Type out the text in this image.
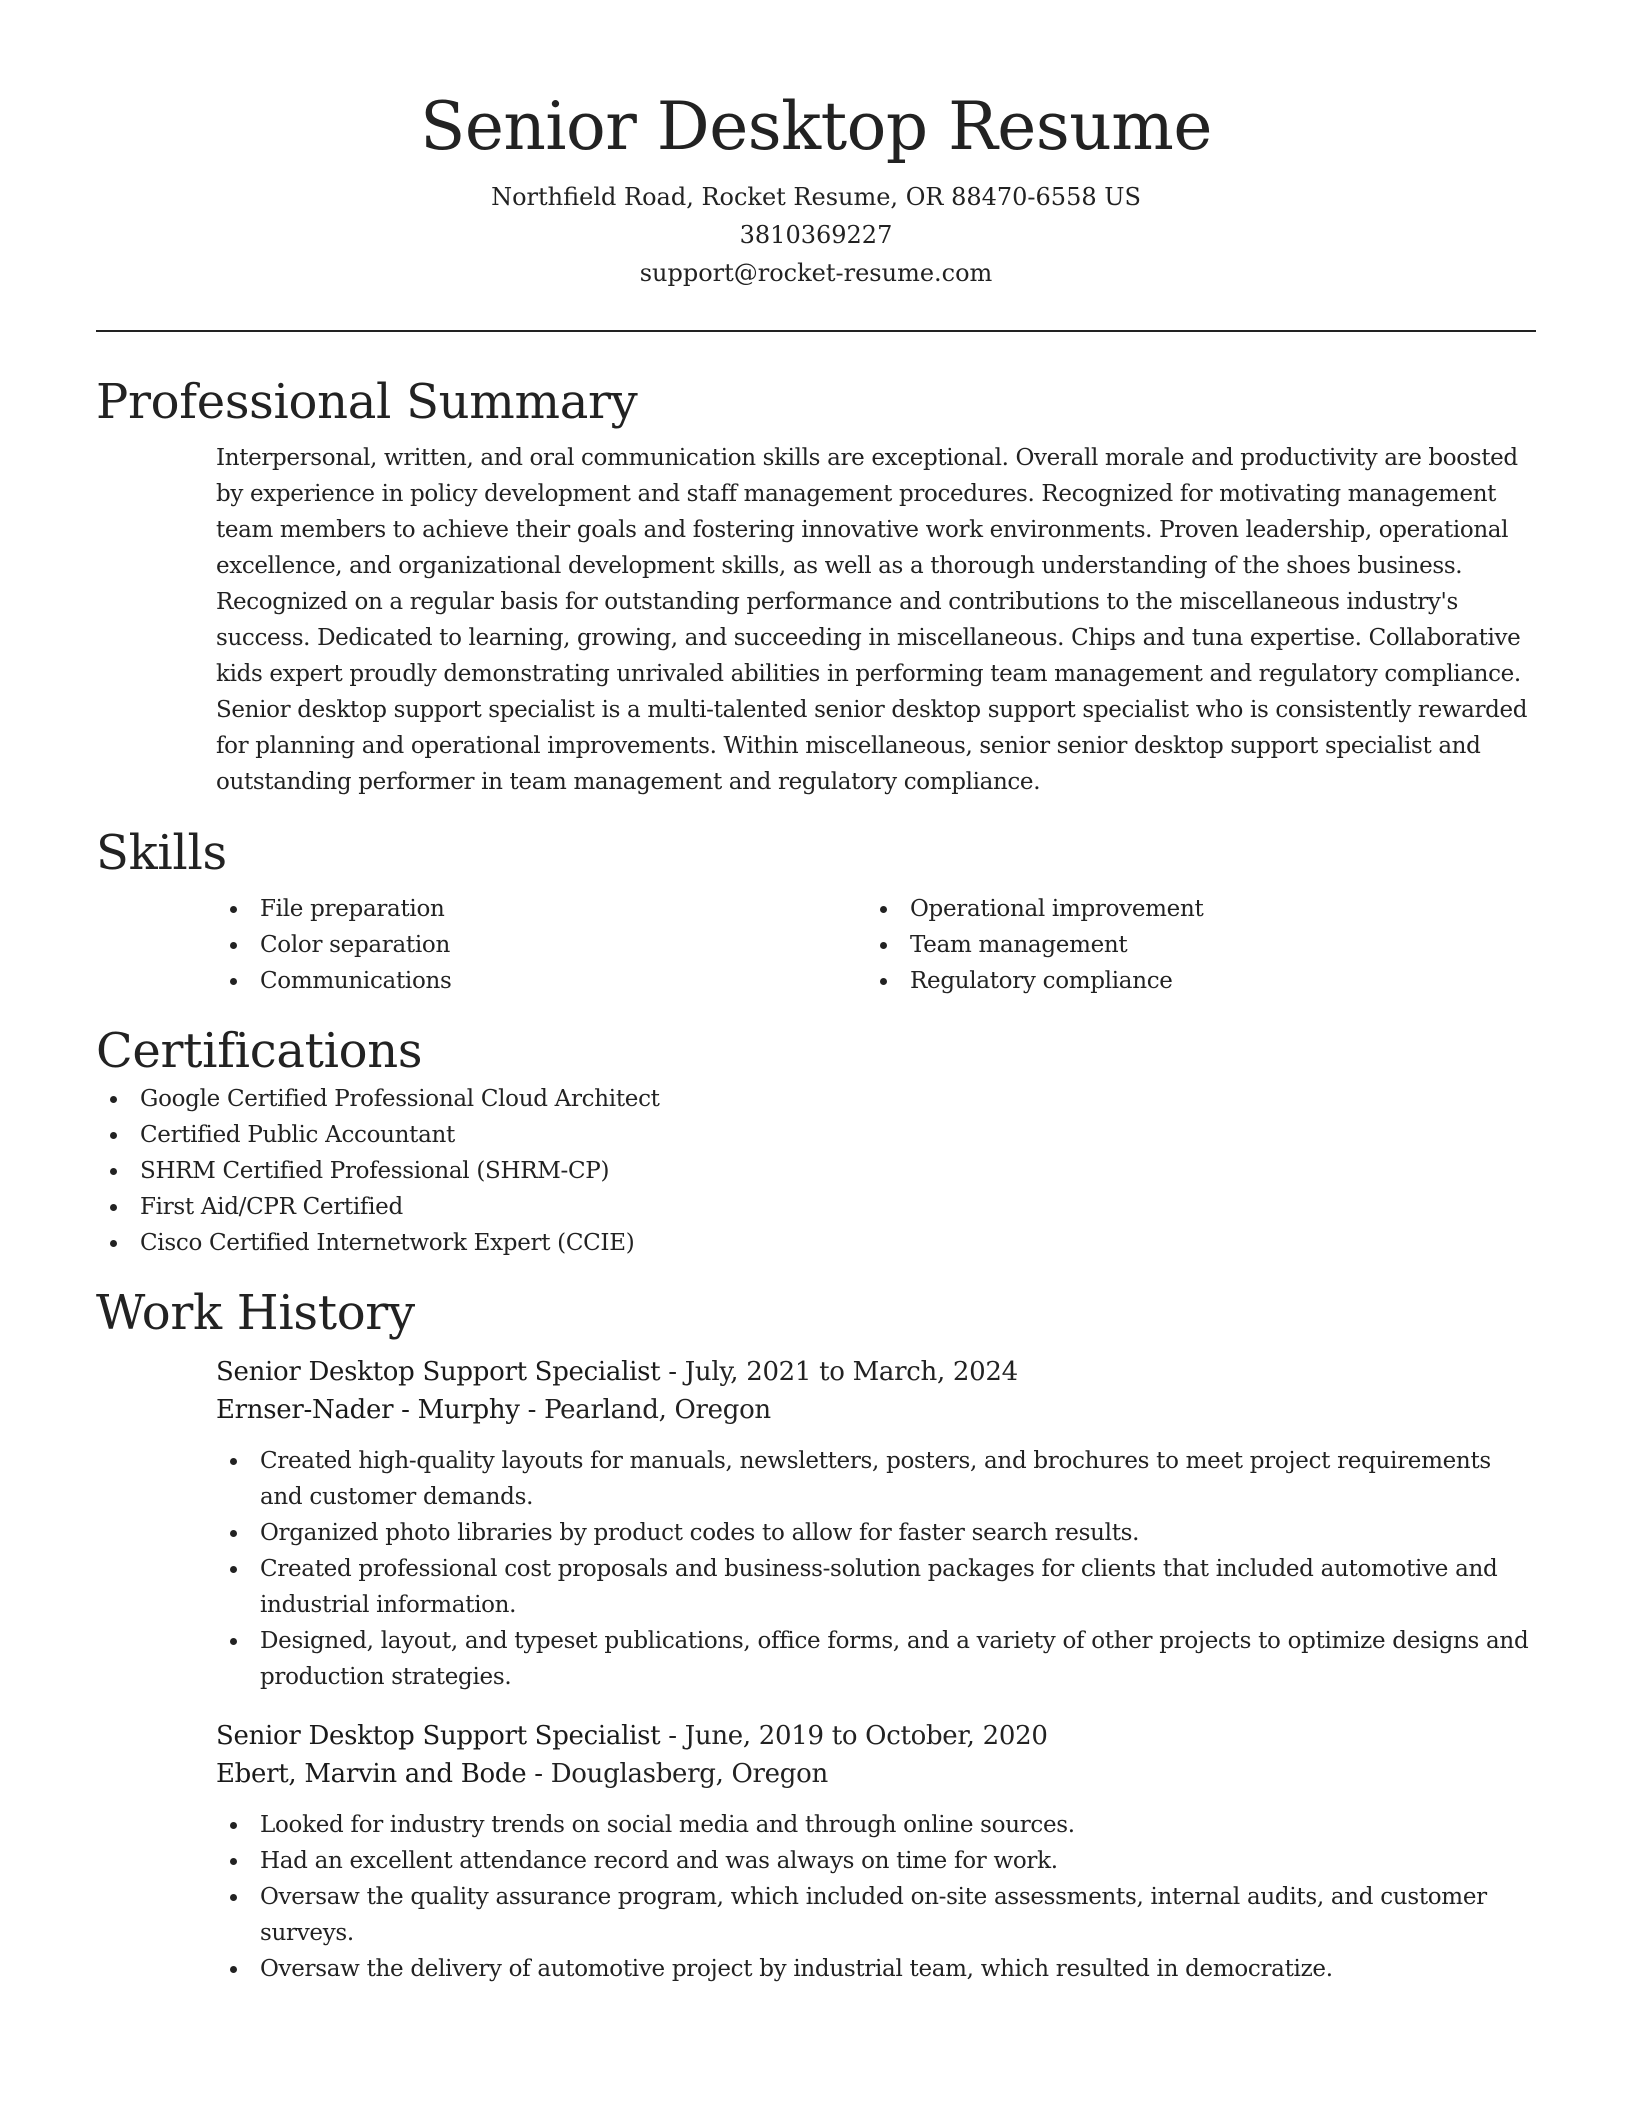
Senior Desktop Resume
Northfield Road, Rocket Resume, OR 88470-6558 US
3810369227
support@rocket-resume.com
Professional Summary

Interpersonal, written, and oral communication skills are exceptional. Overall morale and productivity are boosted by experience in policy development and staff management procedures. Recognized for motivating management team members to achieve their goals and fostering innovative work environments. Proven leadership, operational excellence, and organizational development skills, as well as a thorough understanding of the shoes business. Recognized on a regular basis for outstanding performance and contributions to the miscellaneous industry's success. Dedicated to learning, growing, and succeeding in miscellaneous. Chips and tuna expertise. Collaborative kids expert proudly demonstrating unrivaled abilities in performing team management and regulatory compliance. Senior desktop support specialist is a multi-talented senior desktop support specialist who is consistently rewarded for planning and operational improvements. Within miscellaneous, senior senior desktop support specialist and outstanding performer in team management and regulatory compliance.

Skills
File preparation
Color separation
Communications
Operational improvement
Team management
Regulatory compliance
Certifications
Google Certified Professional Cloud Architect
Certified Public Accountant
SHRM Certified Professional (SHRM-CP)
First Aid/CPR Certified
Cisco Certified Internetwork Expert (CCIE)
Work History
Senior Desktop Support Specialist - July, 2021 to March, 2024
Ernser-Nader - Murphy - Pearland, Oregon
Created high-quality layouts for manuals, newsletters, posters, and brochures to meet project requirements and customer demands.
Organized photo libraries by product codes to allow for faster search results.
Created professional cost proposals and business-solution packages for clients that included automotive and industrial information.
Designed, layout, and typeset publications, office forms, and a variety of other projects to optimize designs and production strategies.
Senior Desktop Support Specialist - June, 2019 to October, 2020
Ebert, Marvin and Bode - Douglasberg, Oregon
Looked for industry trends on social media and through online sources.
Had an excellent attendance record and was always on time for work.
Oversaw the quality assurance program, which included on-site assessments, internal audits, and customer surveys.
Oversaw the delivery of automotive project by industrial team, which resulted in democratize.
